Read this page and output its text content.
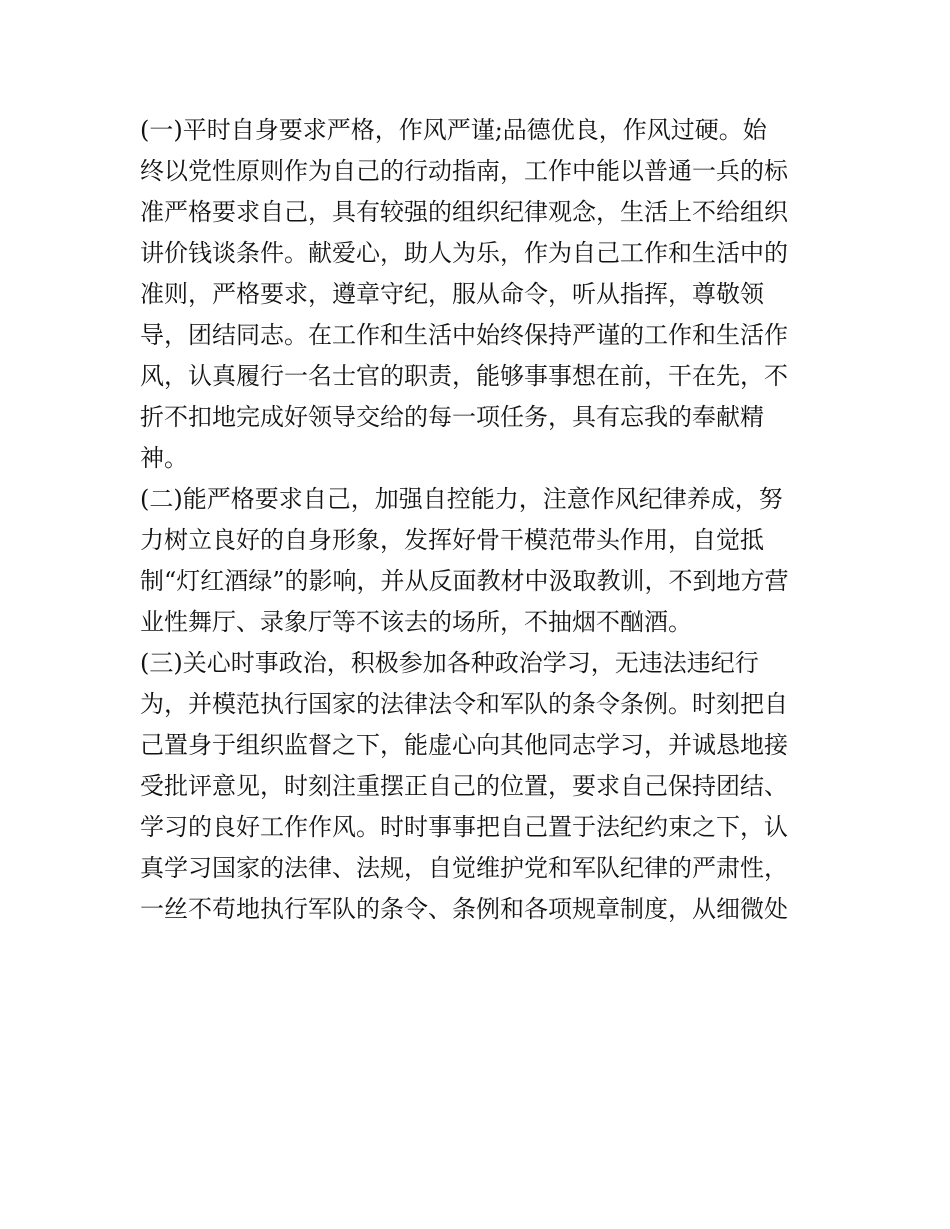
(一)平时自身要求严格，作风严谨;品德优良，作风过硬。始
终以党性原则作为自己的行动指南，工作中能以普通一兵的标
准严格要求自己，具有较强的组织纪律观念，生活上不给组织
讲价钱谈条件。献爱心，助人为乐，作为自己工作和生活中的
准则，严格要求，遵章守纪，服从命令，听从指挥，尊敬领
导，团结同志。在工作和生活中始终保持严谨的工作和生活作
风，认真履行一名士官的职责，能够事事想在前，干在先，不
折不扣地完成好领导交给的每一项任务，具有忘我的奉献精
神。
(二)能严格要求自己，加强自控能力，注意作风纪律养成，努
力树立良好的自身形象，发挥好骨干模范带头作用，自觉抵
制“灯红酒绿”的影响，并从反面教材中汲取教训，不到地方营
业性舞厅、录象厅等不该去的场所，不抽烟不酗酒。
(三)关心时事政治，积极参加各种政治学习，无违法违纪行
为，并模范执行国家的法律法令和军队的条令条例。时刻把自
己置身于组织监督之下，能虚心向其他同志学习，并诚恳地接
受批评意见，时刻注重摆正自己的位置，要求自己保持团结、
学习的良好工作作风。时时事事把自己置于法纪约束之下，认
真学习国家的法律、法规，自觉维护党和军队纪律的严肃性，
一丝不苟地执行军队的条令、条例和各项规章制度，从细微处
